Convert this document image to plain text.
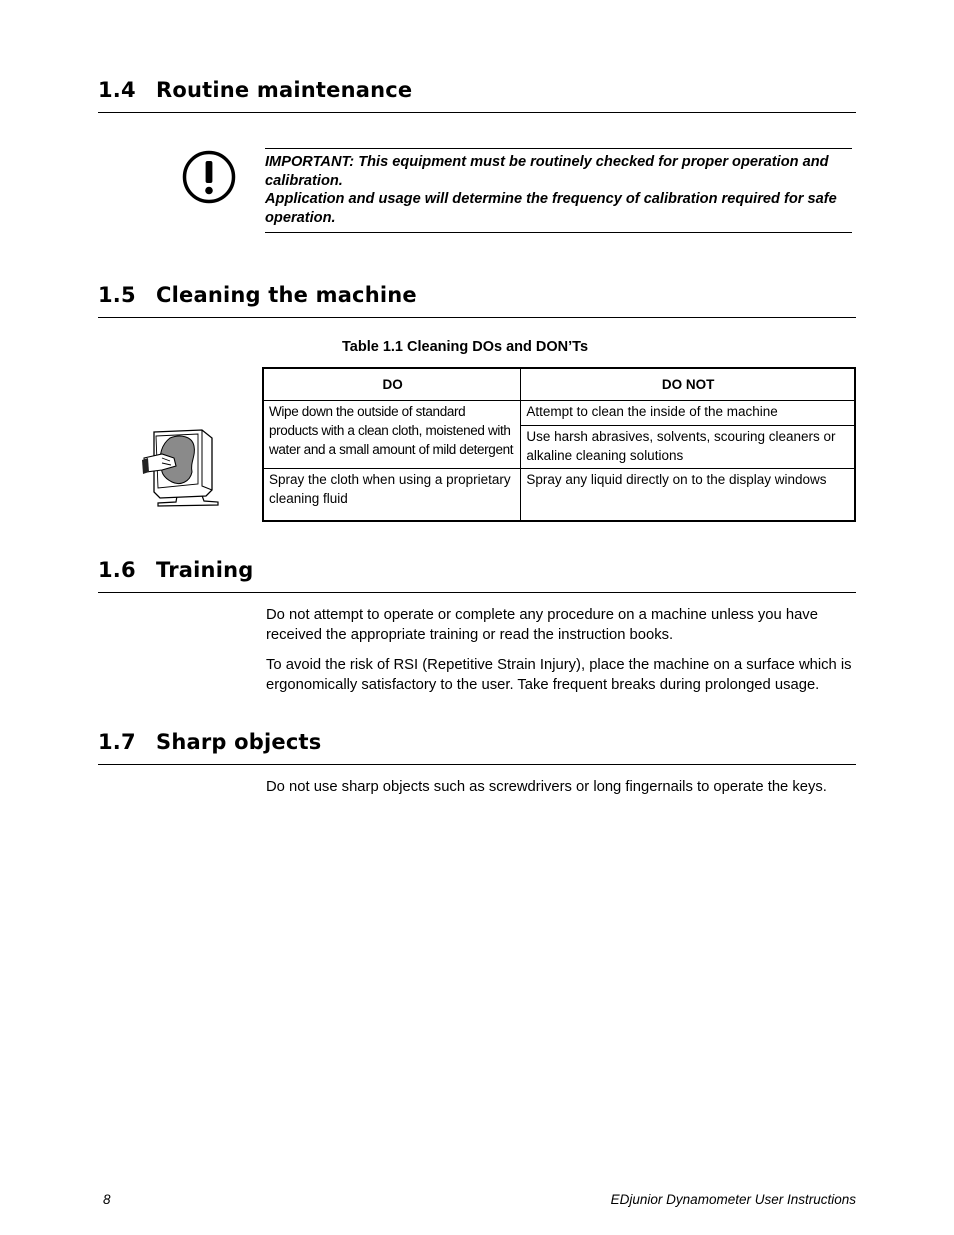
1.4 Routine maintenance

IMPORTANT: This equipment must be routinely checked for proper operation and calibration.

Application and usage will determine the frequency of calibration required for safe operation.

1.5 Cleaning the machine
Table 1.1 Cleaning DOs and DON’Ts
DO	DO NOT
Wipe down the outside of standard products with a clean cloth, moistened with water and a small amount of mild detergent	Attempt to clean the inside of the machine
	Use harsh abrasives, solvents, scouring cleaners or alkaline cleaning solutions
Spray the cloth when using a proprietary cleaning fluid	Spray any liquid directly on to the display windows
1.6 Training

Do not attempt to operate or complete any procedure on a machine unless you have received the appropriate training or read the instruction books.

To avoid the risk of RSI (Repetitive Strain Injury), place the machine on a surface which is ergonomically satisfactory to the user. Take frequent breaks during prolonged usage.

1.7 Sharp objects

Do not use sharp objects such as screwdrivers or long fingernails to operate the keys.

8	EDjunior Dynamometer User Instructions
